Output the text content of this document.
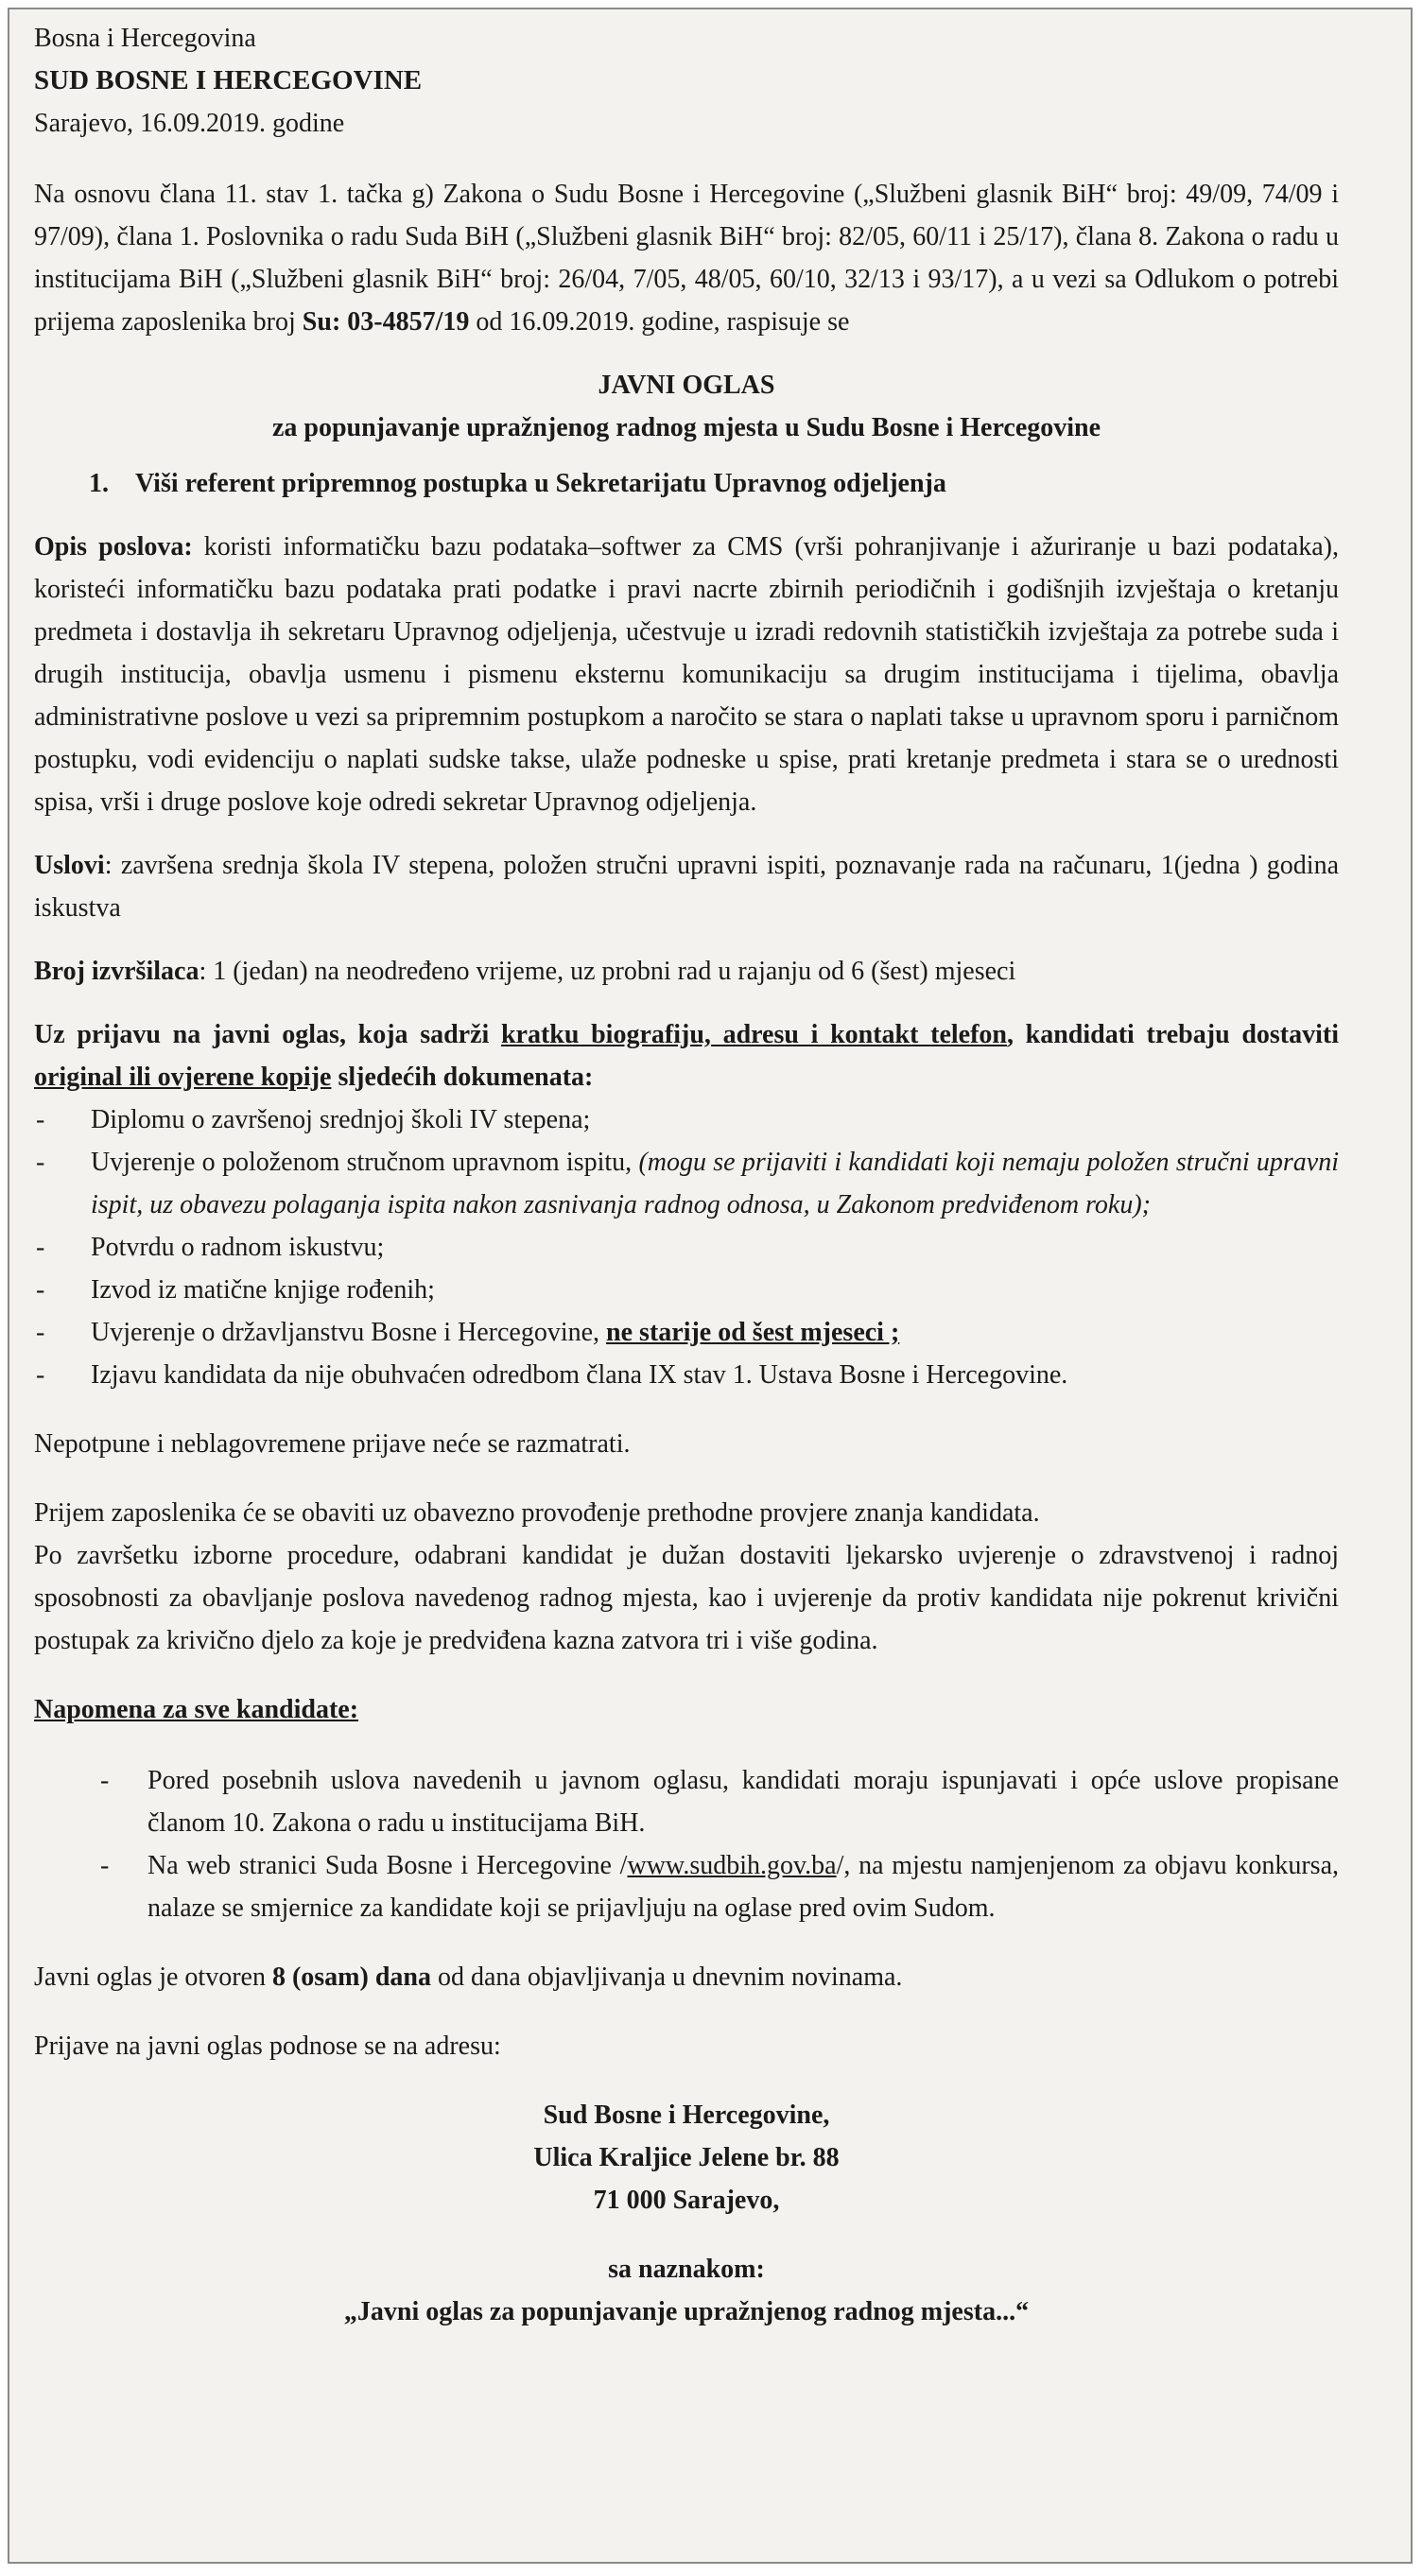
Bosna i Hercegovina

SUD BOSNE I HERCEGOVINE

Sarajevo, 16.09.2019. godine

Na osnovu člana 11. stav 1. tačka g) Zakona o Sudu Bosne i Hercegovine („Službeni glasnik BiH“ broj: 49/09, 74/09 i 97/09), člana 1. Poslovnika o radu Suda BiH („Službeni glasnik BiH“ broj: 82/05, 60/11 i 25/17), člana 8. Zakona o radu u institucijama BiH („Službeni glasnik BiH“ broj: 26/04, 7/05, 48/05, 60/10, 32/13 i 93/17), a u vezi sa Odlukom o potrebi prijema zaposlenika broj Su: 03-4857/19 od 16.09.2019. godine, raspisuje se

JAVNI OGLAS

za popunjavanje upražnjenog radnog mjesta u Sudu Bosne i Hercegovine

1. Viši referent pripremnog postupka u Sekretarijatu Upravnog odjeljenja

Opis poslova: koristi informatičku bazu podataka–softwer za CMS (vrši pohranjivanje i ažuriranje u bazi podataka), koristeći informatičku bazu podataka prati podatke i pravi nacrte zbirnih periodičnih i godišnjih izvještaja o kretanju predmeta i dostavlja ih sekretaru Upravnog odjeljenja, učestvuje u izradi redovnih statističkih izvještaja za potrebe suda i drugih institucija, obavlja usmenu i pismenu eksternu komunikaciju sa drugim institucijama i tijelima, obavlja administrativne poslove u vezi sa pripremnim postupkom a naročito se stara o naplati takse u upravnom sporu i parničnom postupku, vodi evidenciju o naplati sudske takse, ulaže podneske u spise, prati kretanje predmeta i stara se o urednosti spisa, vrši i druge poslove koje odredi sekretar Upravnog odjeljenja.

Uslovi: završena srednja škola IV stepena, položen stručni upravni ispiti, poznavanje rada na računaru, 1(jedna ) godina iskustva

Broj izvršilaca: 1 (jedan) na neodređeno vrijeme, uz probni rad u rajanju od 6 (šest) mjeseci

Uz prijavu na javni oglas, koja sadrži kratku biografiju, adresu i kontakt telefon, kandidati trebaju dostaviti original ili ovjerene kopije sljedećih dokumenata:

- Diplomu o završenoj srednjoj školi IV stepena;
- Uvjerenje o položenom stručnom upravnom ispitu, (mogu se prijaviti i kandidati koji nemaju položen stručni upravni ispit, uz obavezu polaganja ispita nakon zasnivanja radnog odnosa, u Zakonom predviđenom roku);
- Potvrdu o radnom iskustvu;
- Izvod iz matične knjige rođenih;
- Uvjerenje o državljanstvu Bosne i Hercegovine, ne starije od šest mjeseci ;
- Izjavu kandidata da nije obuhvaćen odredbom člana IX stav 1. Ustava Bosne i Hercegovine.

Nepotpune i neblagovremene prijave neće se razmatrati.

Prijem zaposlenika će se obaviti uz obavezno provođenje prethodne provjere znanja kandidata.

Po završetku izborne procedure, odabrani kandidat je dužan dostaviti ljekarsko uvjerenje o zdravstvenoj i radnoj sposobnosti za obavljanje poslova navedenog radnog mjesta, kao i uvjerenje da protiv kandidata nije pokrenut krivični postupak za krivično djelo za koje je predviđena kazna zatvora tri i više godina.

Napomena za sve kandidate:

- Pored posebnih uslova navedenih u javnom oglasu, kandidati moraju ispunjavati i opće uslove propisane članom 10. Zakona o radu u institucijama BiH.
- Na web stranici Suda Bosne i Hercegovine /www.sudbih.gov.ba/, na mjestu namjenjenom za objavu konkursa, nalaze se smjernice za kandidate koji se prijavljuju na oglase pred ovim Sudom.

Javni oglas je otvoren 8 (osam) dana od dana objavljivanja u dnevnim novinama.

Prijave na javni oglas podnose se na adresu:

Sud Bosne i Hercegovine,

Ulica Kraljice Jelene br. 88

71 000 Sarajevo,

sa naznakom:

„Javni oglas za popunjavanje upražnjenog radnog mjesta...“
